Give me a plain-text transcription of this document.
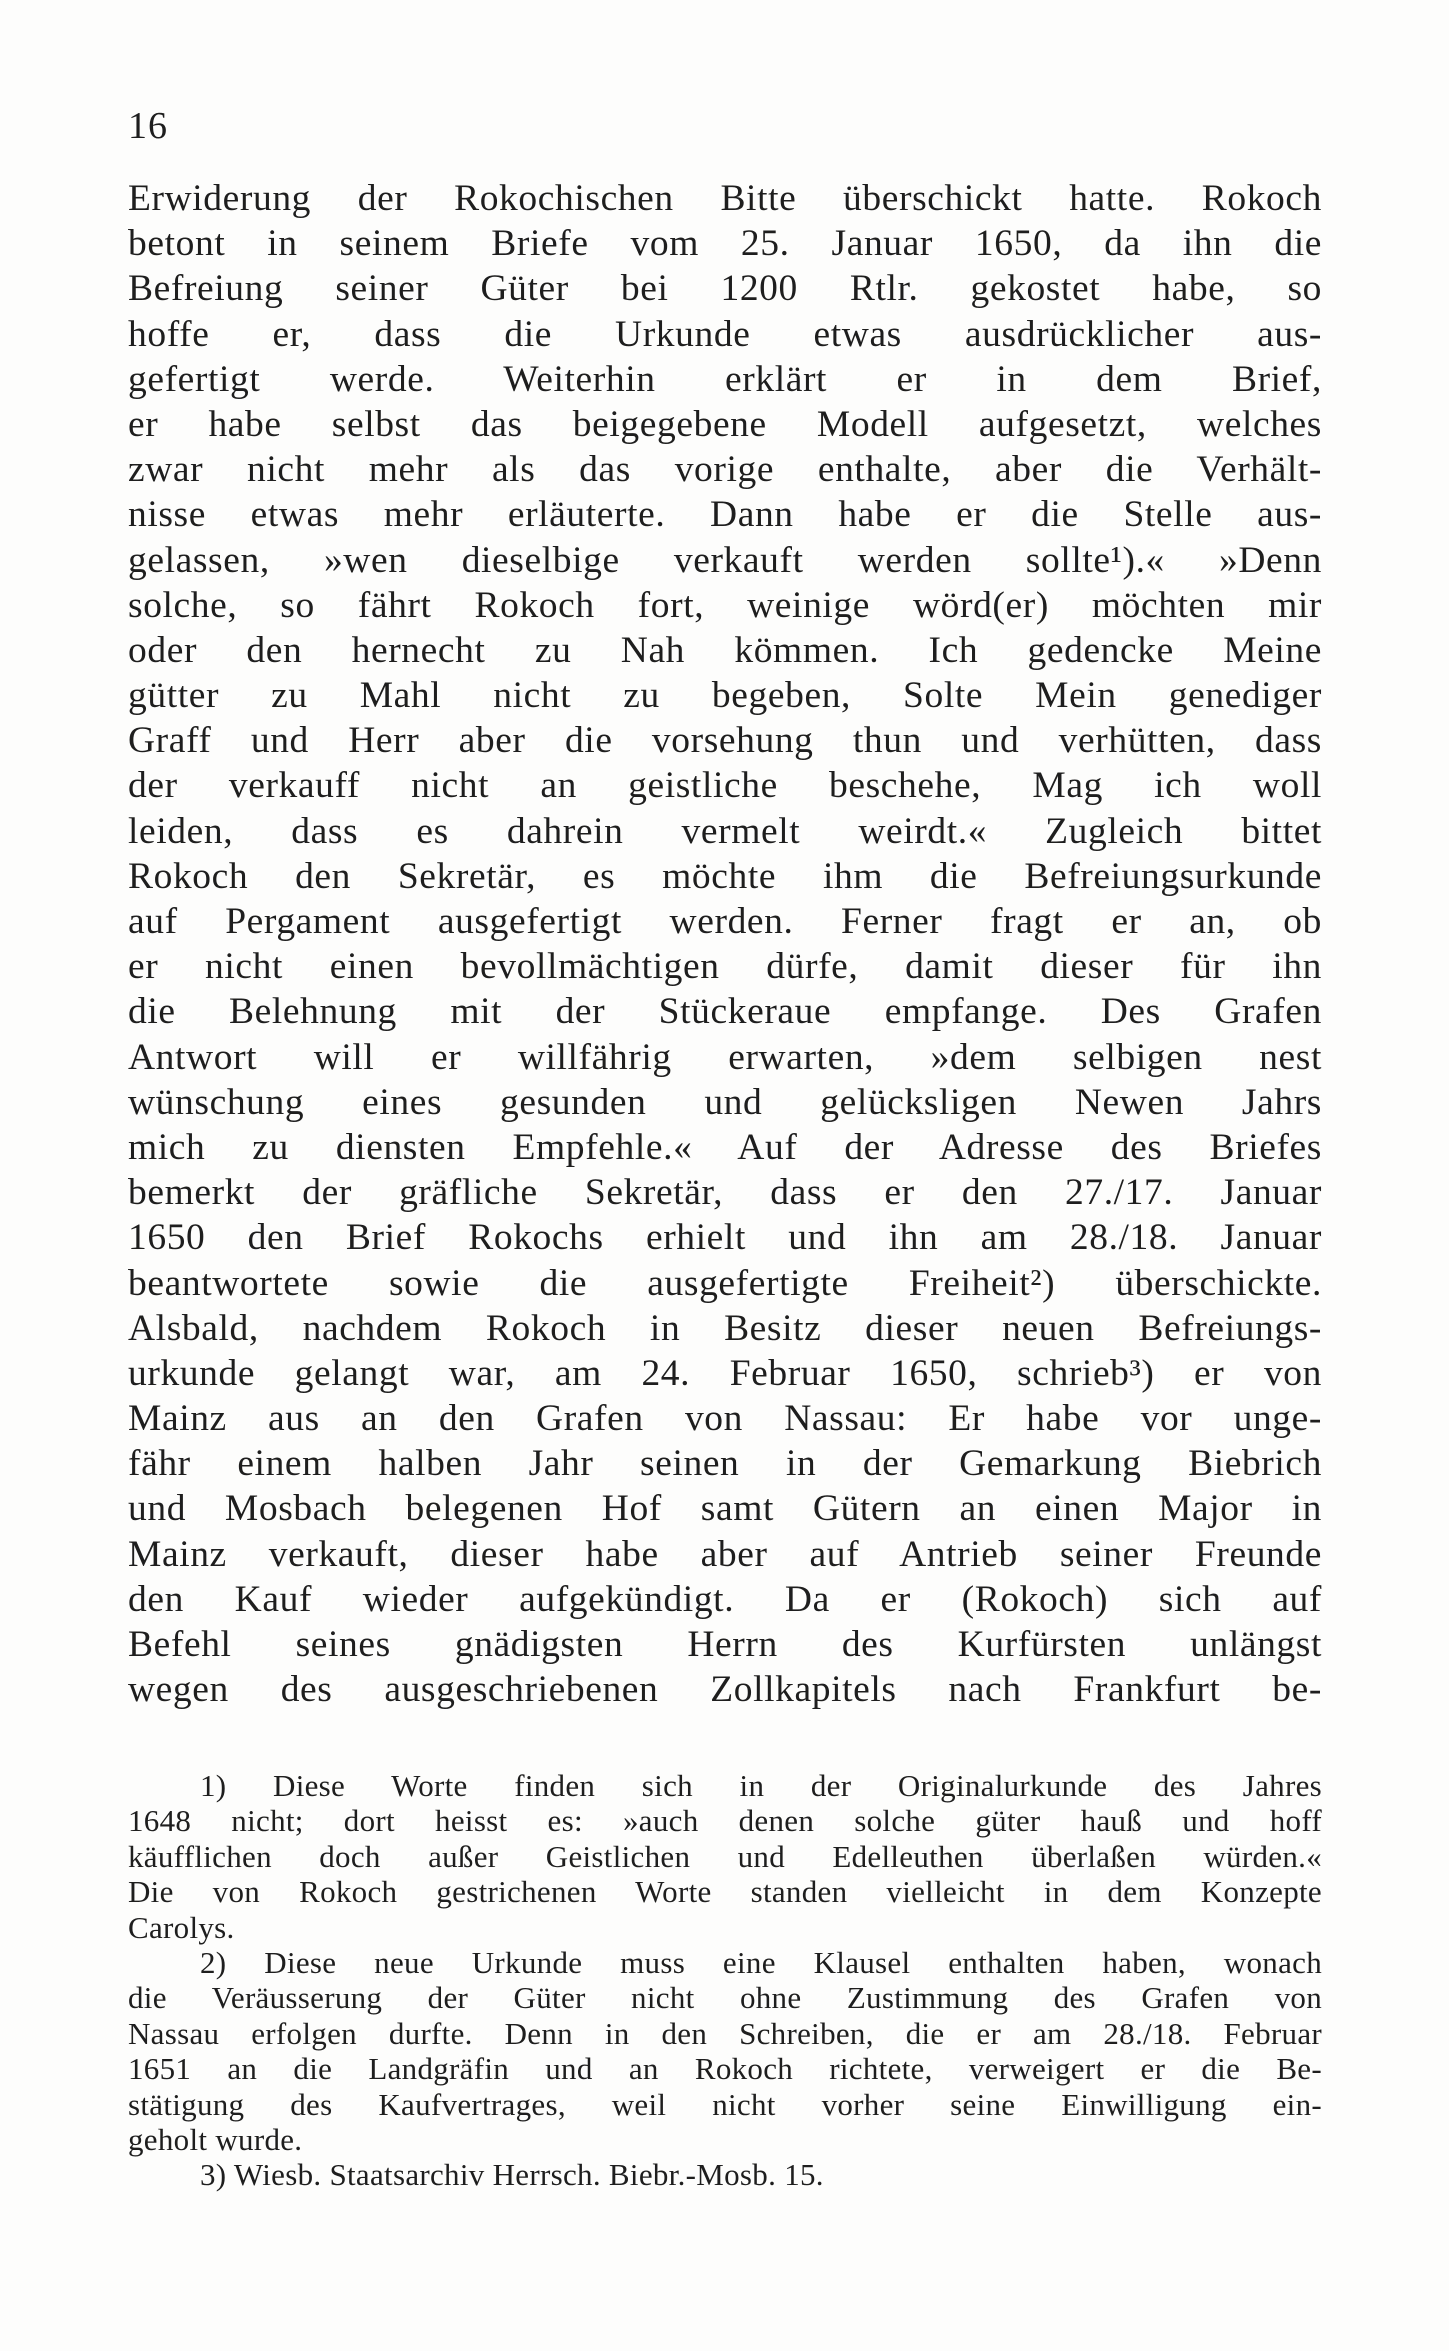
16
Erwiderung der Rokochischen Bitte überschickt hatte. Rokoch
betont in seinem Briefe vom 25. Januar 1650, da ihn die
Befreiung seiner Güter bei 1200 Rtlr. gekostet habe, so
hoffe er, dass die Urkunde etwas ausdrücklicher aus-
gefertigt werde. Weiterhin erklärt er in dem Brief,
er habe selbst das beigegebene Modell aufgesetzt, welches
zwar nicht mehr als das vorige enthalte, aber die Verhält-
nisse etwas mehr erläuterte. Dann habe er die Stelle aus-
gelassen, »wen dieselbige verkauft werden sollte¹).« »Denn
solche, so fährt Rokoch fort, weinige wörd(er) möchten mir
oder den hernecht zu Nah kömmen. Ich gedencke Meine
gütter zu Mahl nicht zu begeben, Solte Mein genediger
Graff und Herr aber die vorsehung thun und verhütten, dass
der verkauff nicht an geistliche beschehe, Mag ich woll
leiden, dass es dahrein vermelt weirdt.« Zugleich bittet
Rokoch den Sekretär, es möchte ihm die Befreiungsurkunde
auf Pergament ausgefertigt werden. Ferner fragt er an, ob
er nicht einen bevollmächtigen dürfe, damit dieser für ihn
die Belehnung mit der Stückeraue empfange. Des Grafen
Antwort will er willfährig erwarten, »dem selbigen nest
wünschung eines gesunden und gelücksligen Newen Jahrs
mich zu diensten Empfehle.« Auf der Adresse des Briefes
bemerkt der gräfliche Sekretär, dass er den 27./17. Januar
1650 den Brief Rokochs erhielt und ihn am 28./18. Januar
beantwortete sowie die ausgefertigte Freiheit²) überschickte.
Alsbald, nachdem Rokoch in Besitz dieser neuen Befreiungs-
urkunde gelangt war, am 24. Februar 1650, schrieb³) er von
Mainz aus an den Grafen von Nassau: Er habe vor unge-
fähr einem halben Jahr seinen in der Gemarkung Biebrich
und Mosbach belegenen Hof samt Gütern an einen Major in
Mainz verkauft, dieser habe aber auf Antrieb seiner Freunde
den Kauf wieder aufgekündigt. Da er (Rokoch) sich auf
Befehl seines gnädigsten Herrn des Kurfürsten unlängst
wegen des ausgeschriebenen Zollkapitels nach Frankfurt be-
1) Diese Worte finden sich in der Originalurkunde des Jahres
1648 nicht; dort heisst es: »auch denen solche güter hauß und hoff
käufflichen doch außer Geistlichen und Edelleuthen überlaßen würden.«
Die von Rokoch gestrichenen Worte standen vielleicht in dem Konzepte
Carolys.
2) Diese neue Urkunde muss eine Klausel enthalten haben, wonach
die Veräusserung der Güter nicht ohne Zustimmung des Grafen von
Nassau erfolgen durfte. Denn in den Schreiben, die er am 28./18. Februar
1651 an die Landgräfin und an Rokoch richtete, verweigert er die Be-
stätigung des Kaufvertrages, weil nicht vorher seine Einwilligung ein-
geholt wurde.
3) Wiesb. Staatsarchiv Herrsch. Biebr.-Mosb. 15.
